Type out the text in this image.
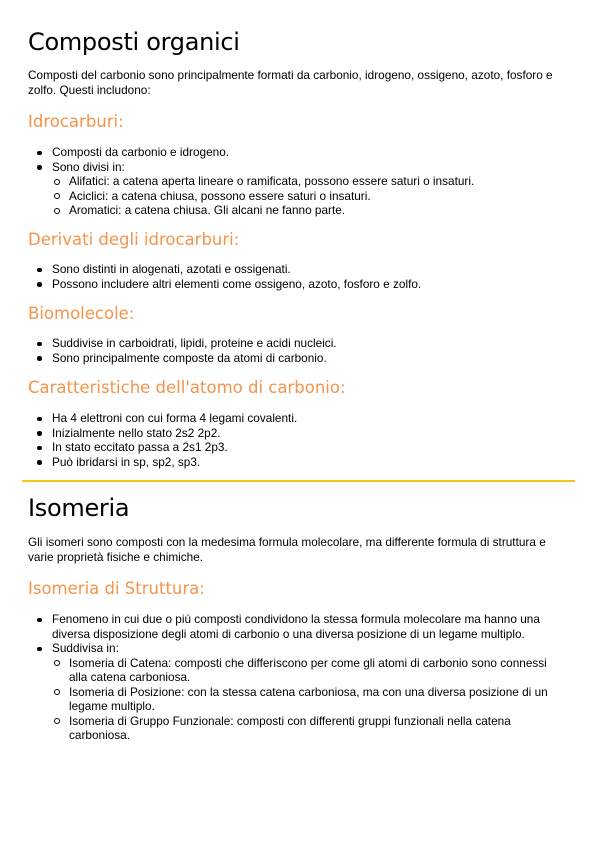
Composti organici

Composti del carbonio sono principalmente formati da carbonio, idrogeno, ossigeno, azoto, fosforo e zolfo. Questi includono:

Idrocarburi:
Composti da carbonio e idrogeno.
Sono divisi in:
Alifatici: a catena aperta lineare o ramificata, possono essere saturi o insaturi.
Aciclici: a catena chiusa, possono essere saturi o insaturi.
Aromatici: a catena chiusa. Gli alcani ne fanno parte.
Derivati degli idrocarburi:
Sono distinti in alogenati, azotati e ossigenati.
Possono includere altri elementi come ossigeno, azoto, fosforo e zolfo.
Biomolecole:
Suddivise in carboidrati, lipidi, proteine e acidi nucleici.
Sono principalmente composte da atomi di carbonio.
Caratteristiche dell'atomo di carbonio:
Ha 4 elettroni con cui forma 4 legami covalenti.
Inizialmente nello stato 2s2 2p2.
In stato eccitato passa a 2s1 2p3.
Può ibridarsi in sp, sp2, sp3.
Isomeria

Gli isomeri sono composti con la medesima formula molecolare, ma differente formula di struttura e varie proprietà fisiche e chimiche.

Isomeria di Struttura:
Fenomeno in cui due o più composti condividono la stessa formula molecolare ma hanno una diversa disposizione degli atomi di carbonio o una diversa posizione di un legame multiplo.
Suddivisa in:
Isomeria di Catena: composti che differiscono per come gli atomi di carbonio sono connessi alla catena carboniosa.
Isomeria di Posizione: con la stessa catena carboniosa, ma con una diversa posizione di un legame multiplo.
Isomeria di Gruppo Funzionale: composti con differenti gruppi funzionali nella catena carboniosa.
